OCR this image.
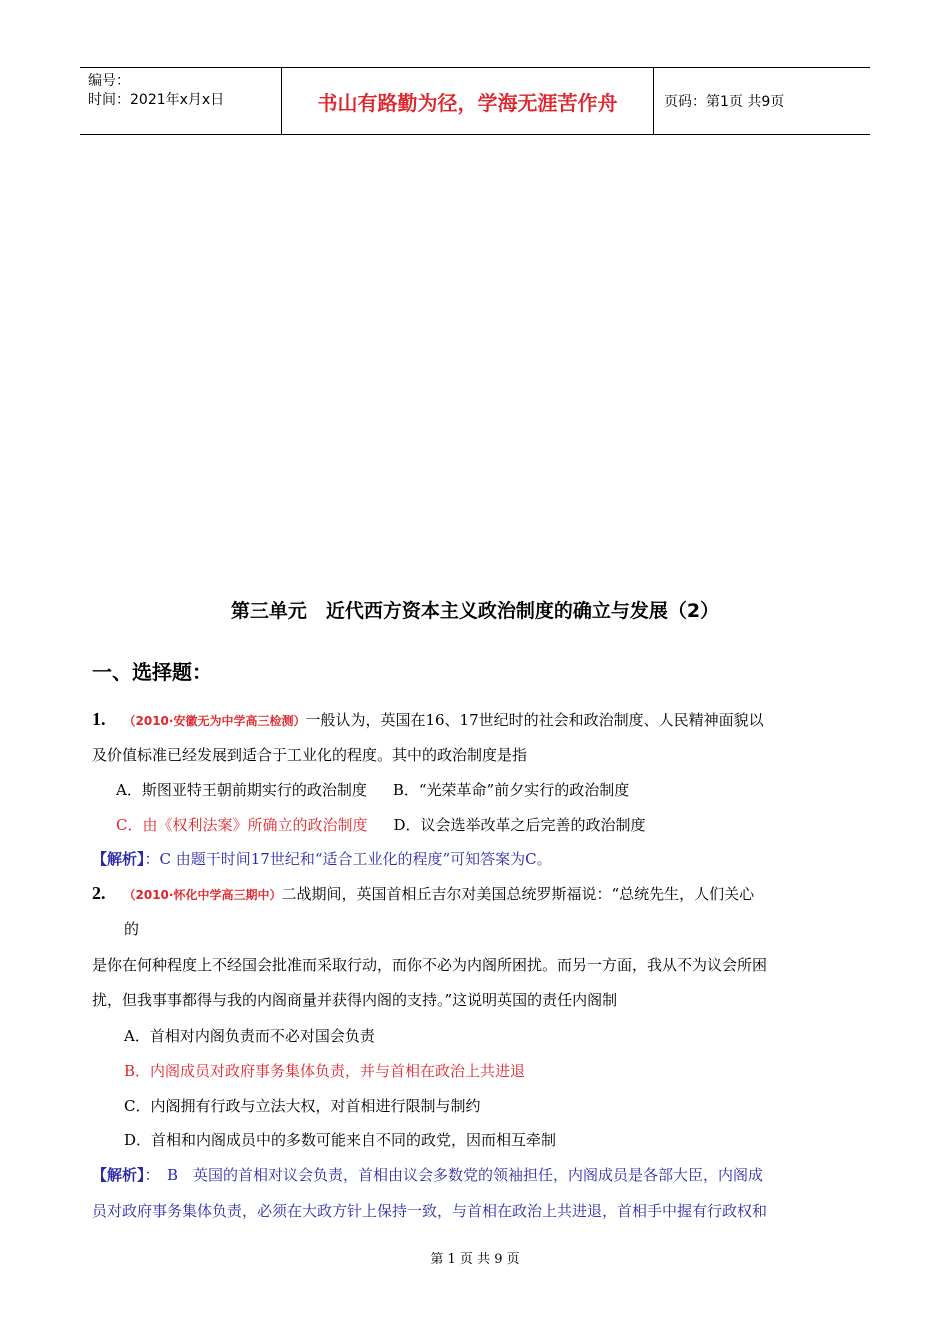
编号：
时间：2021年x月x日	书山有路勤为径，学海无涯苦作舟	页码：第1页 共9页
第三单元　近代西方资本主义政治制度的确立与发展（2）
一、选择题：
1. （2010·安徽无为中学高三检测）一般认为，英国在16、17世纪时的社会和政治制度、人民精神面貌以
及价值标准已经发展到适合于工业化的程度。其中的政治制度是指
A．斯图亚特王朝前期实行的政治制度 B．“光荣革命”前夕实行的政治制度
C．由《权利法案》所确立的政治制度 D．议会选举改革之后完善的政治制度
【解析】：C 由题干时间17世纪和“适合工业化的程度”可知答案为C。
2. （2010·怀化中学高三期中）二战期间，英国首相丘吉尔对美国总统罗斯福说：“总统先生，人们关心
的
是你在何种程度上不经国会批准而采取行动，而你不必为内阁所困扰。而另一方面，我从不为议会所困
扰，但我事事都得与我的内阁商量并获得内阁的支持。”这说明英国的责任内阁制
A．首相对内阁负责而不必对国会负责
B．内阁成员对政府事务集体负责，并与首相在政治上共进退
C．内阁拥有行政与立法大权，对首相进行限制与制约
D．首相和内阁成员中的多数可能来自不同的政党，因而相互牵制
【解析】：　B　英国的首相对议会负责，首相由议会多数党的领袖担任，内阁成员是各部大臣，内阁成
员对政府事务集体负责，必须在大政方针上保持一致，与首相在政治上共进退，首相手中握有行政权和
第 1 页 共 9 页
